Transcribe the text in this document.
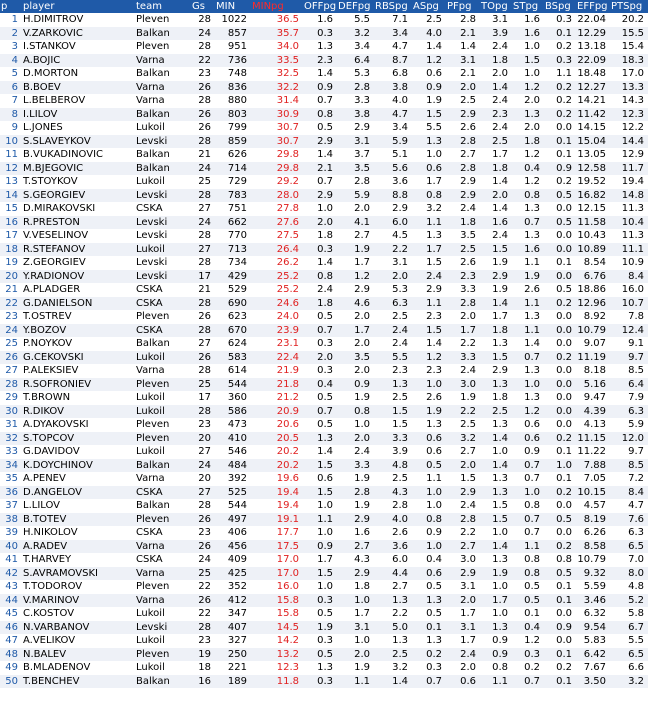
p	player	team	Gs	MIN	MINpg	OFFpg	DEFpg	RBSpg	ASpg	PFpg	TOpg	STpg	BSpg	EFFpg	PTSpg
1	H.DIMITROV	Pleven	28	1022	36.5	1.6	5.5	7.1	2.5	2.8	3.1	1.6	0.3	22.04	20.2
2	V.ZARKOVIC	Balkan	24	857	35.7	0.3	3.2	3.4	4.0	2.1	3.9	1.6	0.1	12.29	15.5
3	I.STANKOV	Pleven	28	951	34.0	1.3	3.4	4.7	1.4	1.4	2.4	1.0	0.2	13.18	15.4
4	A.BOJIC	Varna	22	736	33.5	2.3	6.4	8.7	1.2	3.1	1.8	1.5	0.3	22.09	18.3
5	D.MORTON	Balkan	23	748	32.5	1.4	5.3	6.8	0.6	2.1	2.0	1.0	1.1	18.48	17.0
6	B.BOEV	Varna	26	836	32.2	0.9	2.8	3.8	0.9	2.0	1.4	1.2	0.2	12.27	13.3
7	L.BELBEROV	Varna	28	880	31.4	0.7	3.3	4.0	1.9	2.5	2.4	2.0	0.2	14.21	14.3
8	I.LILOV	Balkan	26	803	30.9	0.8	3.8	4.7	1.5	2.9	2.3	1.3	0.2	11.42	12.3
9	L.JONES	Lukoil	26	799	30.7	0.5	2.9	3.4	5.5	2.6	2.4	2.0	0.0	14.15	12.2
10	S.SLAVEYKOV	Levski	28	859	30.7	2.9	3.1	5.9	1.3	2.8	2.5	1.8	0.1	15.04	14.4
11	B.VUKADINOVIC	Balkan	21	626	29.8	1.4	3.7	5.1	1.0	2.7	1.7	1.2	0.1	13.05	12.9
12	M.BJEGOVIC	Balkan	24	714	29.8	2.1	3.5	5.6	0.6	2.8	1.8	0.4	0.9	12.58	11.7
13	T.STOYKOV	Lukoil	25	729	29.2	0.7	2.8	3.6	1.7	2.9	1.4	1.2	0.2	19.52	19.4
14	S.GEORGIEV	Levski	28	783	28.0	2.9	5.9	8.8	0.8	2.9	2.0	0.8	0.5	16.82	14.8
15	D.MIRAKOVSKI	CSKA	27	751	27.8	1.0	2.0	2.9	3.2	2.4	1.4	1.3	0.0	12.15	11.3
16	R.PRESTON	Levski	24	662	27.6	2.0	4.1	6.0	1.1	1.8	1.6	0.7	0.5	11.58	10.4
17	V.VESELINOV	Levski	28	770	27.5	1.8	2.7	4.5	1.3	3.5	2.4	1.3	0.0	10.43	11.3
18	R.STEFANOV	Lukoil	27	713	26.4	0.3	1.9	2.2	1.7	2.5	1.5	1.6	0.0	10.89	11.1
19	Z.GEORGIEV	Levski	28	734	26.2	1.4	1.7	3.1	1.5	2.6	1.9	1.1	0.1	8.54	10.9
20	Y.RADIONOV	Levski	17	429	25.2	0.8	1.2	2.0	2.4	2.3	2.9	1.9	0.0	6.76	8.4
21	A.PLADGER	CSKA	21	529	25.2	2.4	2.9	5.3	2.9	3.3	1.9	2.6	0.5	18.86	16.0
22	G.DANIELSON	CSKA	28	690	24.6	1.8	4.6	6.3	1.1	2.8	1.4	1.1	0.2	12.96	10.7
23	T.OSTREV	Pleven	26	623	24.0	0.5	2.0	2.5	2.3	2.0	1.7	1.3	0.0	8.92	7.8
24	Y.BOZOV	CSKA	28	670	23.9	0.7	1.7	2.4	1.5	1.7	1.8	1.1	0.0	10.79	12.4
25	P.NOYKOV	Balkan	27	624	23.1	0.3	2.0	2.4	1.4	2.2	1.3	1.4	0.0	9.07	9.1
26	G.CEKOVSKI	Lukoil	26	583	22.4	2.0	3.5	5.5	1.2	3.3	1.5	0.7	0.2	11.19	9.7
27	P.ALEKSIEV	Varna	28	614	21.9	0.3	2.0	2.3	2.3	2.4	2.9	1.3	0.0	8.18	8.5
28	R.SOFRONIEV	Pleven	25	544	21.8	0.4	0.9	1.3	1.0	3.0	1.3	1.0	0.0	5.16	6.4
29	T.BROWN	Lukoil	17	360	21.2	0.5	1.9	2.5	2.6	1.9	1.8	1.3	0.0	9.47	7.9
30	R.DIKOV	Lukoil	28	586	20.9	0.7	0.8	1.5	1.9	2.2	2.5	1.2	0.0	4.39	6.3
31	A.DYAKOVSKI	Pleven	23	473	20.6	0.5	1.0	1.5	1.3	2.5	1.3	0.6	0.0	4.13	5.9
32	S.TOPCOV	Pleven	20	410	20.5	1.3	2.0	3.3	0.6	3.2	1.4	0.6	0.2	11.15	12.0
33	G.DAVIDOV	Lukoil	27	546	20.2	1.4	2.4	3.9	0.6	2.7	1.0	0.9	0.1	11.22	9.7
34	K.DOYCHINOV	Balkan	24	484	20.2	1.5	3.3	4.8	0.5	2.0	1.4	0.7	1.0	7.88	8.5
35	A.PENEV	Varna	20	392	19.6	0.6	1.9	2.5	1.1	1.5	1.3	0.7	0.1	7.05	7.2
36	D.ANGELOV	CSKA	27	525	19.4	1.5	2.8	4.3	1.0	2.9	1.3	1.0	0.2	10.15	8.4
37	L.LILOV	Balkan	28	544	19.4	1.0	1.9	2.8	1.0	2.4	1.5	0.8	0.0	4.57	4.7
38	B.TOTEV	Pleven	26	497	19.1	1.1	2.9	4.0	0.8	2.8	1.5	0.7	0.5	8.19	7.6
39	H.NIKOLOV	CSKA	23	406	17.7	1.0	1.6	2.6	0.9	2.2	1.0	0.7	0.0	6.26	6.3
40	A.RADEV	Varna	26	456	17.5	0.9	2.7	3.6	1.0	2.7	1.4	1.1	0.2	8.58	6.5
41	T.HARVEY	CSKA	24	409	17.0	1.7	4.3	6.0	0.4	3.0	1.3	0.8	0.8	10.79	7.0
42	S.AVRAMOVSKI	Varna	25	425	17.0	1.5	2.9	4.4	0.6	2.9	1.9	0.8	0.5	9.32	8.0
43	T.TODOROV	Pleven	22	352	16.0	1.0	1.8	2.7	0.5	3.1	1.0	0.5	0.1	5.59	4.8
44	V.MARINOV	Varna	26	412	15.8	0.3	1.0	1.3	1.3	2.0	1.7	0.5	0.1	3.46	5.2
45	C.KOSTOV	Lukoil	22	347	15.8	0.5	1.7	2.2	0.5	1.7	1.0	0.1	0.0	6.32	5.8
46	N.VARBANOV	Levski	28	407	14.5	1.9	3.1	5.0	0.1	3.1	1.3	0.4	0.9	9.54	6.7
47	A.VELIKOV	Lukoil	23	327	14.2	0.3	1.0	1.3	1.3	1.7	0.9	1.2	0.0	5.83	5.5
48	N.BALEV	Pleven	19	250	13.2	0.5	2.0	2.5	0.2	2.4	0.9	0.3	0.1	6.42	6.5
49	B.MLADENOV	Lukoil	18	221	12.3	1.3	1.9	3.2	0.3	2.0	0.8	0.2	0.2	7.67	6.6
50	T.BENCHEV	Balkan	16	189	11.8	0.3	1.1	1.4	0.7	0.6	1.1	0.7	0.1	3.50	3.2
